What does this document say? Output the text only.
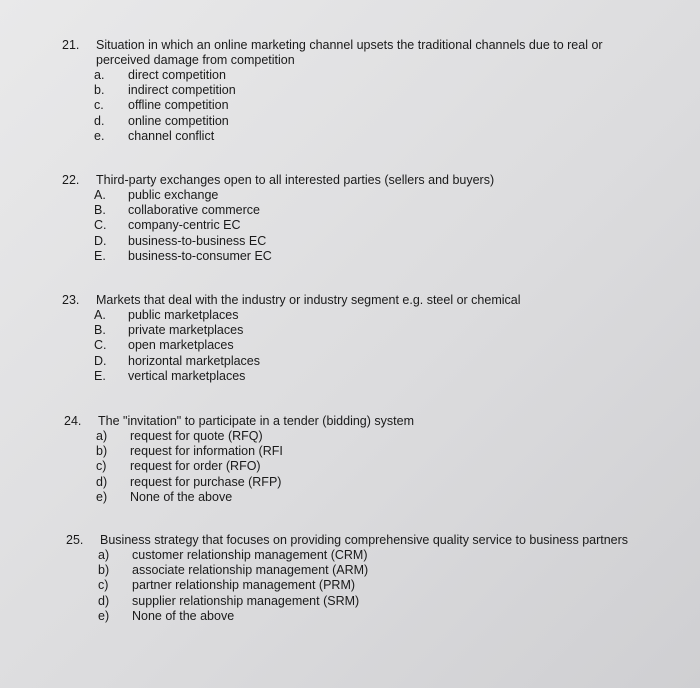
21. Situation in which an online marketing channel upsets the traditional channels due to real or
perceived damage from competition
a. direct competition
b. indirect competition
c. offline competition
d. online competition
e. channel conflict
22. Third-party exchanges open to all interested parties (sellers and buyers)
A. public exchange
B. collaborative commerce
C. company-centric EC
D. business-to-business EC
E. business-to-consumer EC
23. Markets that deal with the industry or industry segment e.g. steel or chemical
A. public marketplaces
B. private marketplaces
C. open marketplaces
D. horizontal marketplaces
E. vertical marketplaces
24. The "invitation" to participate in a tender (bidding) system
a) request for quote (RFQ)
b) request for information (RFI
c) request for order (RFO)
d) request for purchase (RFP)
e) None of the above
25. Business strategy that focuses on providing comprehensive quality service to business partners
a) customer relationship management (CRM)
b) associate relationship management (ARM)
c) partner relationship management (PRM)
d) supplier relationship management (SRM)
e) None of the above
